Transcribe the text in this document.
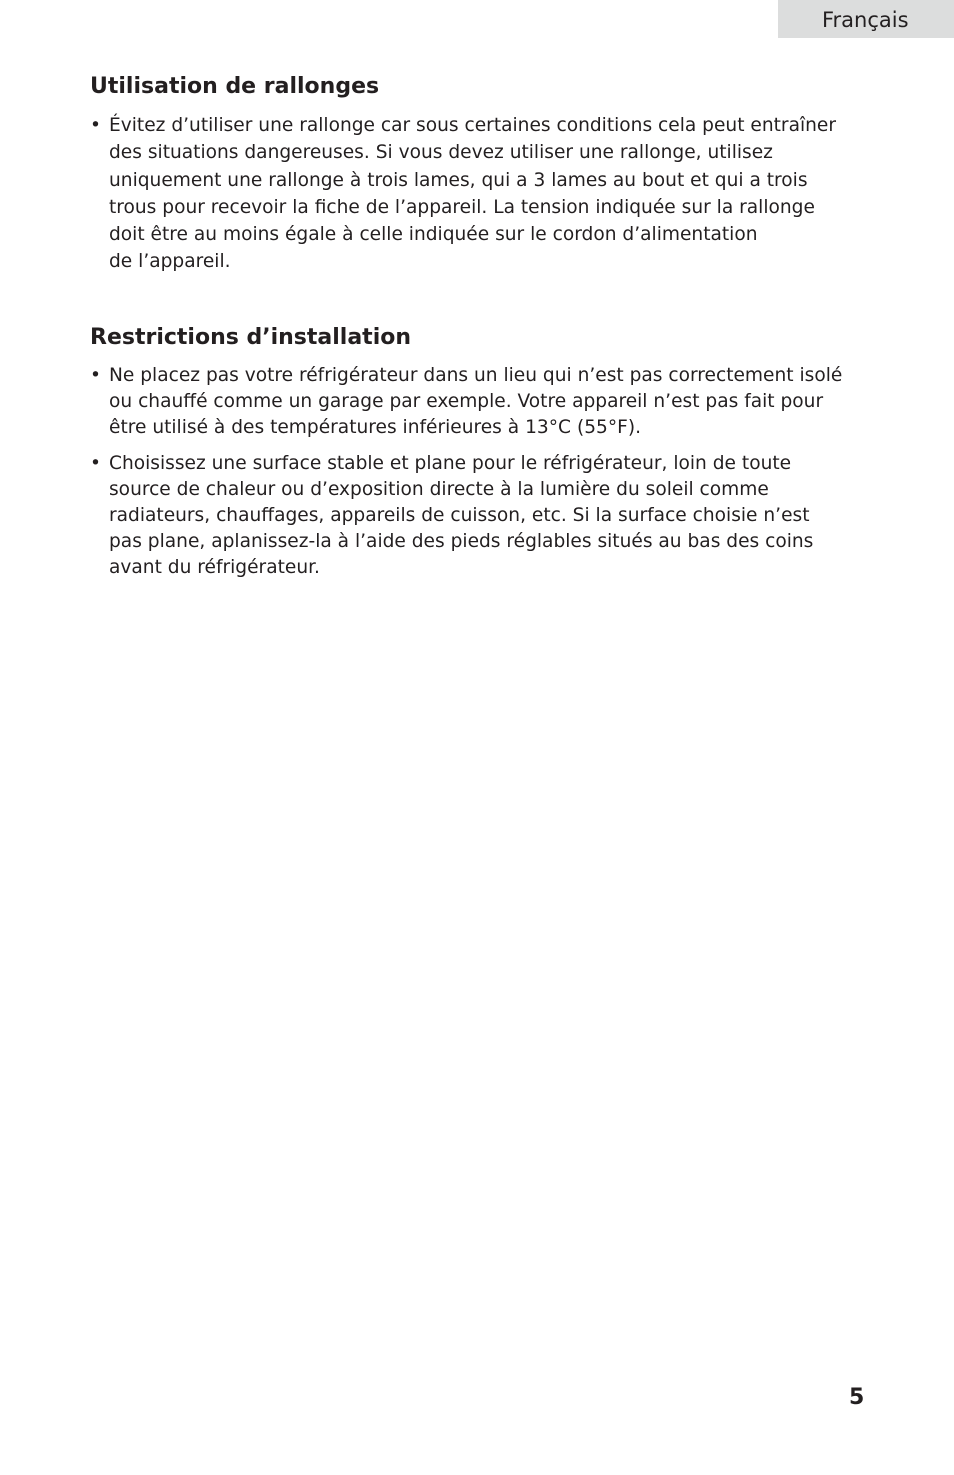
Français
Utilisation de rallonges
• Évitez d’utiliser une rallonge car sous certaines conditions cela peut entraîner
des situations dangereuses. Si vous devez utiliser une rallonge, utilisez
uniquement une rallonge à trois lames, qui a 3 lames au bout et qui a trois
trous pour recevoir la fiche de l’appareil. La tension indiquée sur la rallonge
doit être au moins égale à celle indiquée sur le cordon d’alimentation
de l’appareil.
Restrictions d’installation
• Ne placez pas votre réfrigérateur dans un lieu qui n’est pas correctement isolé
ou chauffé comme un garage par exemple. Votre appareil n’est pas fait pour
être utilisé à des températures inférieures à 13°C (55°F).
• Choisissez une surface stable et plane pour le réfrigérateur, loin de toute
source de chaleur ou d’exposition directe à la lumière du soleil comme
radiateurs, chauffages, appareils de cuisson, etc. Si la surface choisie n’est
pas plane, aplanissez-la à l’aide des pieds réglables situés au bas des coins
avant du réfrigérateur.
5
